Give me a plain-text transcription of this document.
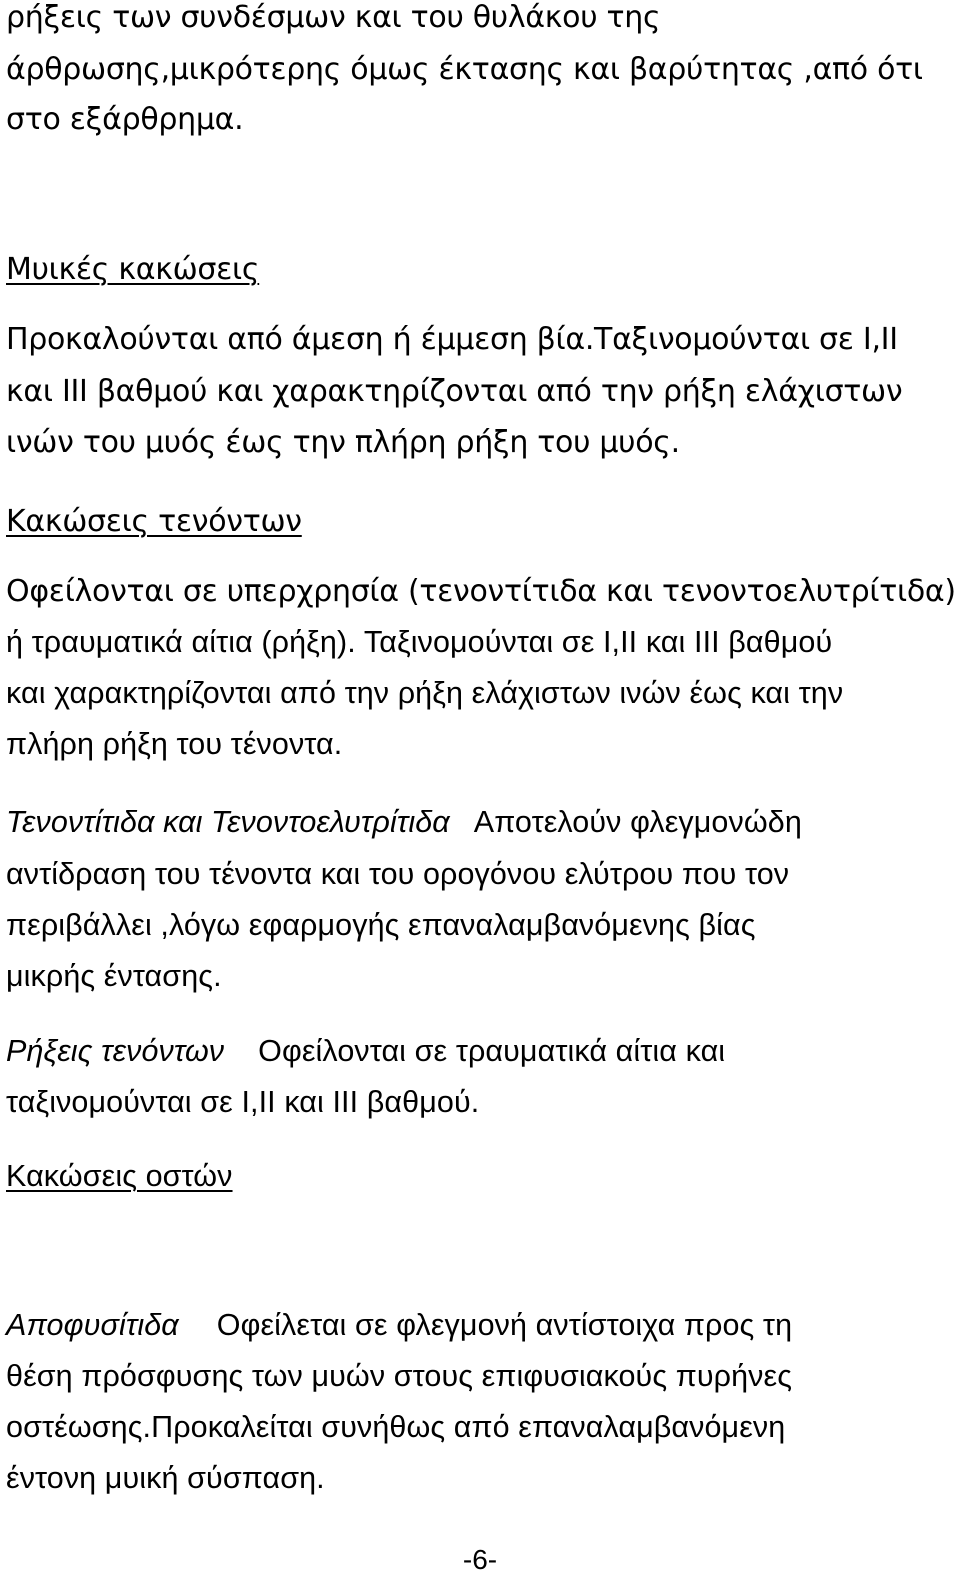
ρήξεις των συνδέσμων και του θυλάκου της
άρθρωσης,μικρότερης όμως έκτασης και βαρύτητας ,από ότι
στο εξάρθρημα.
Μυικές κακώσεις
Προκαλούνται από άμεση ή έμμεση βία.Ταξινομούνται σε Ι,ΙΙ
και ΙΙΙ βαθμού και χαρακτηρίζονται από την ρήξη ελάχιστων
ινών του μυός έως την πλήρη ρήξη του μυός.
Κακώσεις τενόντων
Οφείλονται σε υπερχρησία (τενοντίτιδα και τενοντοελυτρίτιδα)
ή τραυματικά αίτια (ρήξη). Ταξινομούνται σε Ι,ΙΙ και ΙΙΙ βαθμού
και χαρακτηρίζονται από την ρήξη ελάχιστων ινών έως και την
πλήρη ρήξη του τένοντα.
Τενοντίτιδα και Τενοντοελυτρίτιδα Αποτελούν φλεγμονώδη
αντίδραση του τένοντα και του ορογόνου ελύτρου που τον
περιβάλλει ,λόγω εφαρμογής επαναλαμβανόμενης βίας
μικρής έντασης.
Ρήξεις τενόντων Οφείλονται σε τραυματικά αίτια και
ταξινομούνται σε Ι,ΙΙ και ΙΙΙ βαθμού.
Κακώσεις οστών
Αποφυσίτιδα Οφείλεται σε φλεγμονή αντίστοιχα προς τη
θέση πρόσφυσης των μυών στους επιφυσιακούς πυρήνες
οστέωσης.Προκαλείται συνήθως από επαναλαμβανόμενη
έντονη μυική σύσπαση.
-6-
